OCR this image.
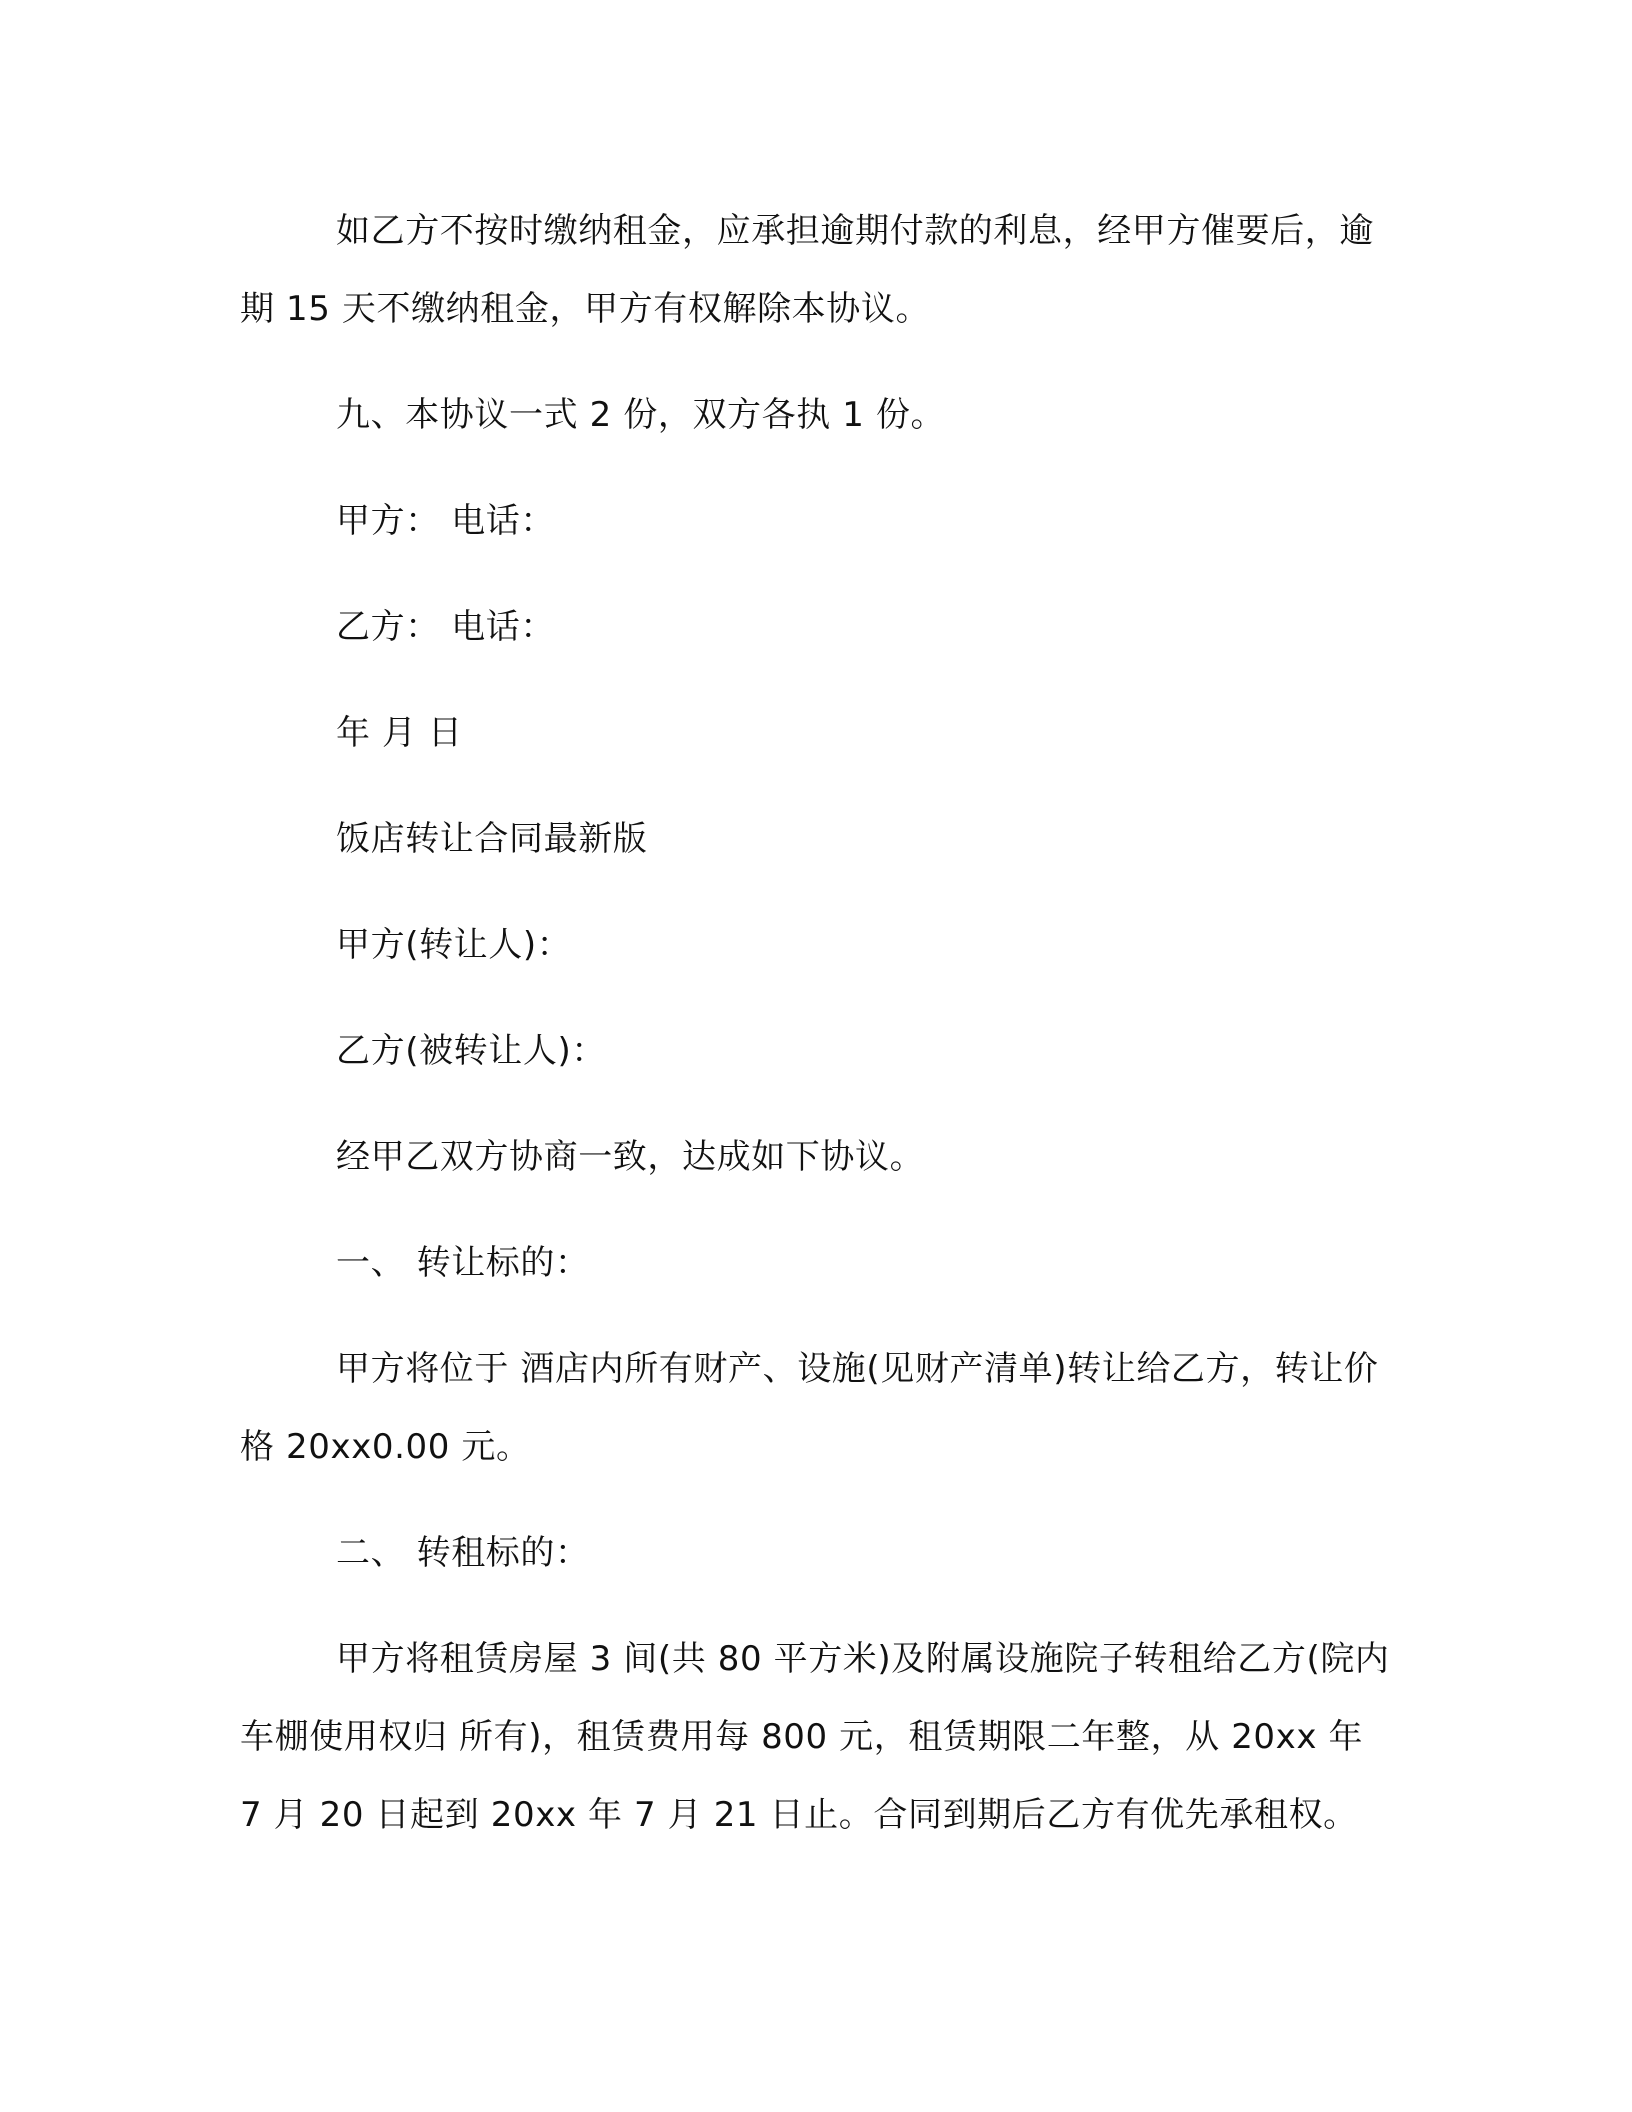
如乙方不按时缴纳租金，应承担逾期付款的利息，经甲方催要后，逾期 15 天不缴纳租金，甲方有权解除本协议。

九、本协议一式 2 份，双方各执 1 份。

甲方： 电话：

乙方： 电话：

年 月 日

饭店转让合同最新版

甲方(转让人)：

乙方(被转让人)：

经甲乙双方协商一致，达成如下协议。

一、 转让标的：

甲方将位于 酒店内所有财产、设施(见财产清单)转让给乙方，转让价格 20xx0.00 元。

二、 转租标的：

甲方将租赁房屋 3 间(共 80 平方米)及附属设施院子转租给乙方(院内车棚使用权归 所有)，租赁费用每 800 元，租赁期限二年整，从 20xx 年 7 月 20 日起到 20xx 年 7 月 21 日止。合同到期后乙方有优先承租权。
